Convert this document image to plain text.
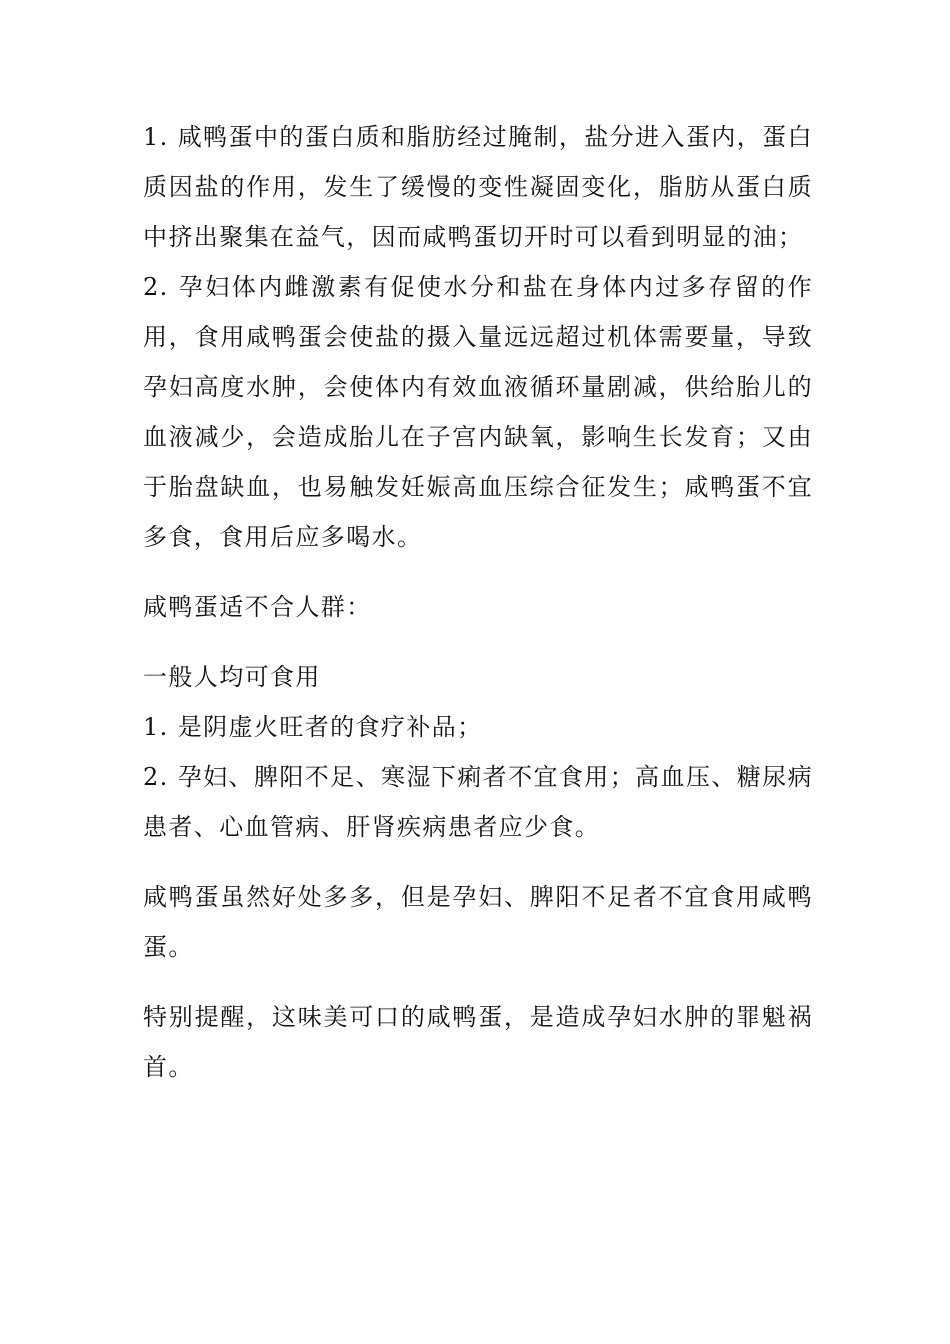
1. 咸鸭蛋中的蛋白质和脂肪经过腌制，盐分进入蛋内，蛋白质因盐的作用，发生了缓慢的变性凝固变化，脂肪从蛋白质中挤出聚集在益气，因而咸鸭蛋切开时可以看到明显的油；

2. 孕妇体内雌激素有促使水分和盐在身体内过多存留的作用，食用咸鸭蛋会使盐的摄入量远远超过机体需要量，导致孕妇高度水肿，会使体内有效血液循环量剧减，供给胎儿的血液减少，会造成胎儿在子宫内缺氧，影响生长发育；又由于胎盘缺血，也易触发妊娠高血压综合征发生；咸鸭蛋不宜多食，食用后应多喝水。

咸鸭蛋适不合人群：

一般人均可食用

1. 是阴虚火旺者的食疗补品；

2. 孕妇、脾阳不足、寒湿下痢者不宜食用；高血压、糖尿病患者、心血管病、肝肾疾病患者应少食。

咸鸭蛋虽然好处多多，但是孕妇、脾阳不足者不宜食用咸鸭蛋。

特别提醒，这味美可口的咸鸭蛋，是造成孕妇水肿的罪魁祸首。
